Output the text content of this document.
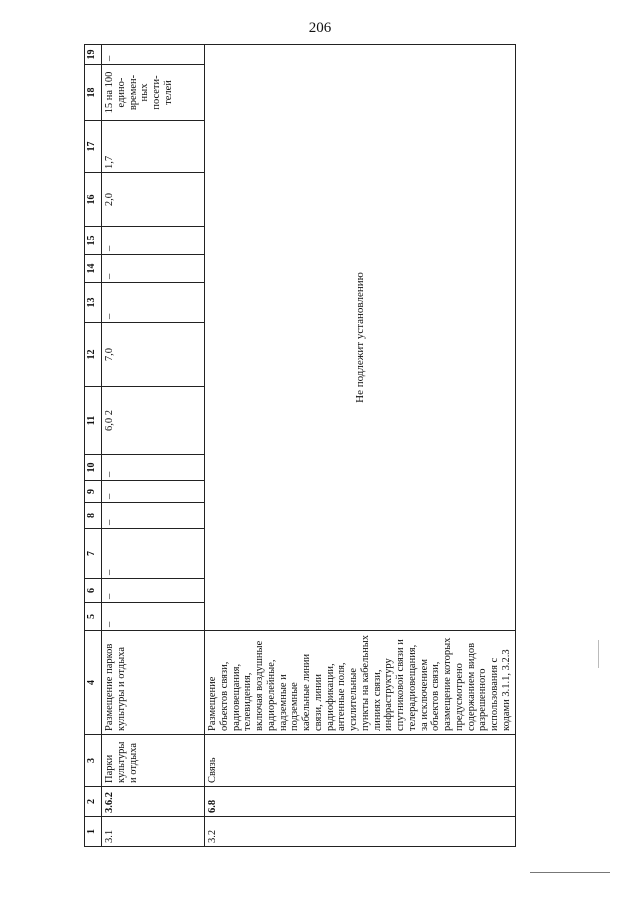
206
1	2	3	4	5	6	7	8	9	10	11	12	13	14	15	16	17	18	19
3.1	3.6.2	Парки культуры и отдыха	Размещение парков культуры и отдыха	–	–	–	–	–	–	6,0 2	7,0	–	–	–	2,0	1,7	15 на 100 едино-времен-ных посети-телей	–
3.2	6.8	Связь	Размещение объектов связи, радиовещания, телевидения, включая воздушные радиорелейные, надземные и подземные кабельные линии связи, линии радиофикации, антенные поля, усилительные пункты на кабельных линиях связи, инфраструктуру спутниковой связи и телерадиовещания, за исключением объектов связи, размещение которых предусмотрено содержанием видов разрешенного использования с кодами 3.1.1, 3.2.3	Не подлежит установлению														
